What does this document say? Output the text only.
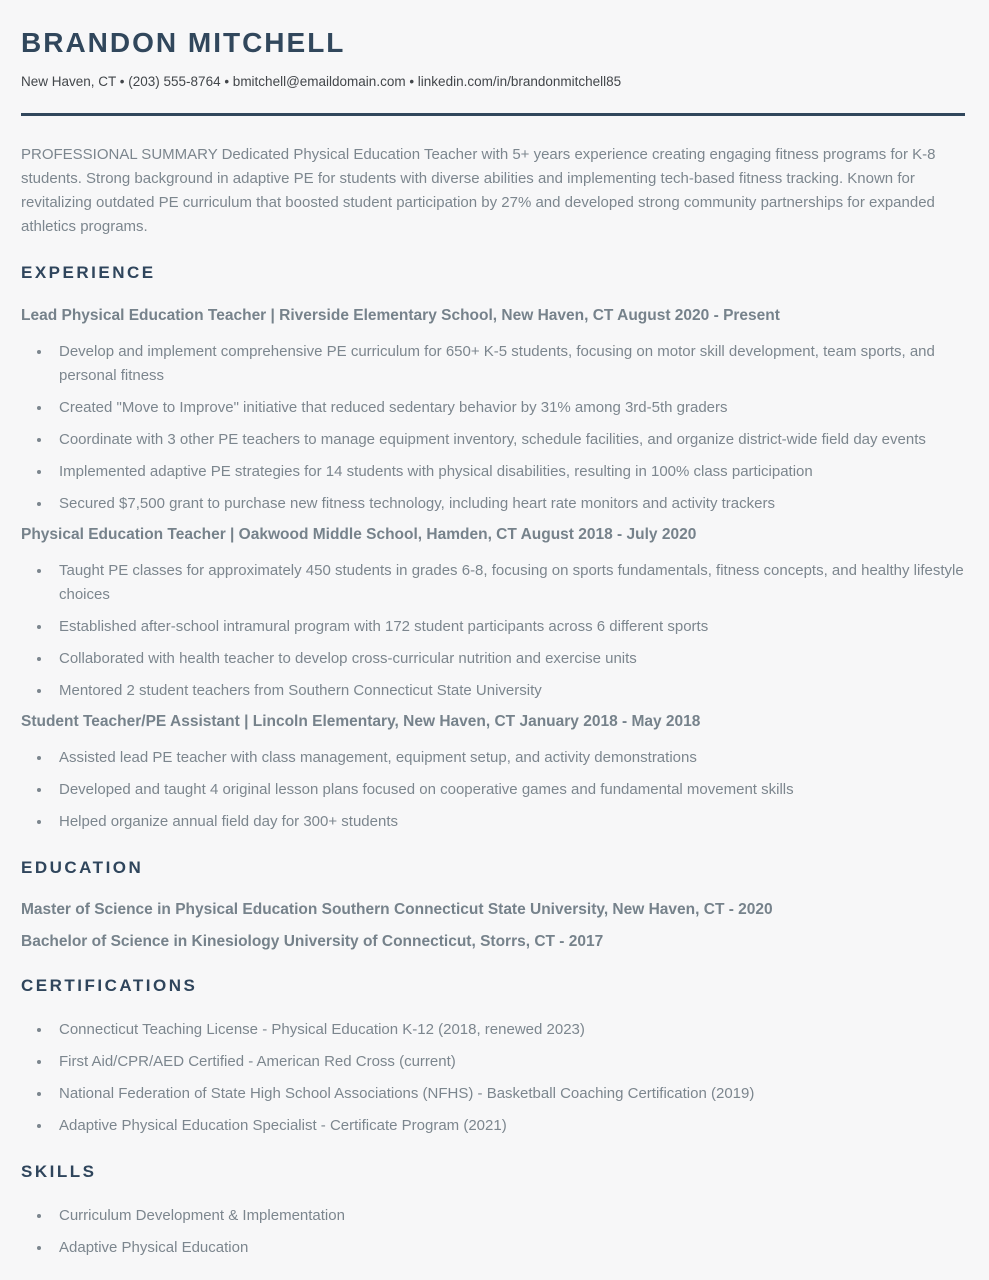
BRANDON MITCHELL

New Haven, CT • (203) 555-8764 • bmitchell@emaildomain.com • linkedin.com/in/brandonmitchell85

PROFESSIONAL SUMMARY Dedicated Physical Education Teacher with 5+ years experience creating engaging fitness programs for K-8 students. Strong background in adaptive PE for students with diverse abilities and implementing tech-based fitness tracking. Known for revitalizing outdated PE curriculum that boosted student participation by 27% and developed strong community partnerships for expanded athletics programs.

EXPERIENCE
Lead Physical Education Teacher | Riverside Elementary School, New Haven, CT August 2020 - Present
• Develop and implement comprehensive PE curriculum for 650+ K-5 students, focusing on motor skill development, team sports, and personal fitness
• Created "Move to Improve" initiative that reduced sedentary behavior by 31% among 3rd-5th graders
• Coordinate with 3 other PE teachers to manage equipment inventory, schedule facilities, and organize district-wide field day events
• Implemented adaptive PE strategies for 14 students with physical disabilities, resulting in 100% class participation
• Secured $7,500 grant to purchase new fitness technology, including heart rate monitors and activity trackers
Physical Education Teacher | Oakwood Middle School, Hamden, CT August 2018 - July 2020
• Taught PE classes for approximately 450 students in grades 6-8, focusing on sports fundamentals, fitness concepts, and healthy lifestyle choices
• Established after-school intramural program with 172 student participants across 6 different sports
• Collaborated with health teacher to develop cross-curricular nutrition and exercise units
• Mentored 2 student teachers from Southern Connecticut State University
Student Teacher/PE Assistant | Lincoln Elementary, New Haven, CT January 2018 - May 2018
• Assisted lead PE teacher with class management, equipment setup, and activity demonstrations
• Developed and taught 4 original lesson plans focused on cooperative games and fundamental movement skills
• Helped organize annual field day for 300+ students
EDUCATION

Master of Science in Physical Education Southern Connecticut State University, New Haven, CT - 2020

Bachelor of Science in Kinesiology University of Connecticut, Storrs, CT - 2017

CERTIFICATIONS
• Connecticut Teaching License - Physical Education K-12 (2018, renewed 2023)
• First Aid/CPR/AED Certified - American Red Cross (current)
• National Federation of State High School Associations (NFHS) - Basketball Coaching Certification (2019)
• Adaptive Physical Education Specialist - Certificate Program (2021)
SKILLS
• Curriculum Development & Implementation
• Adaptive Physical Education
